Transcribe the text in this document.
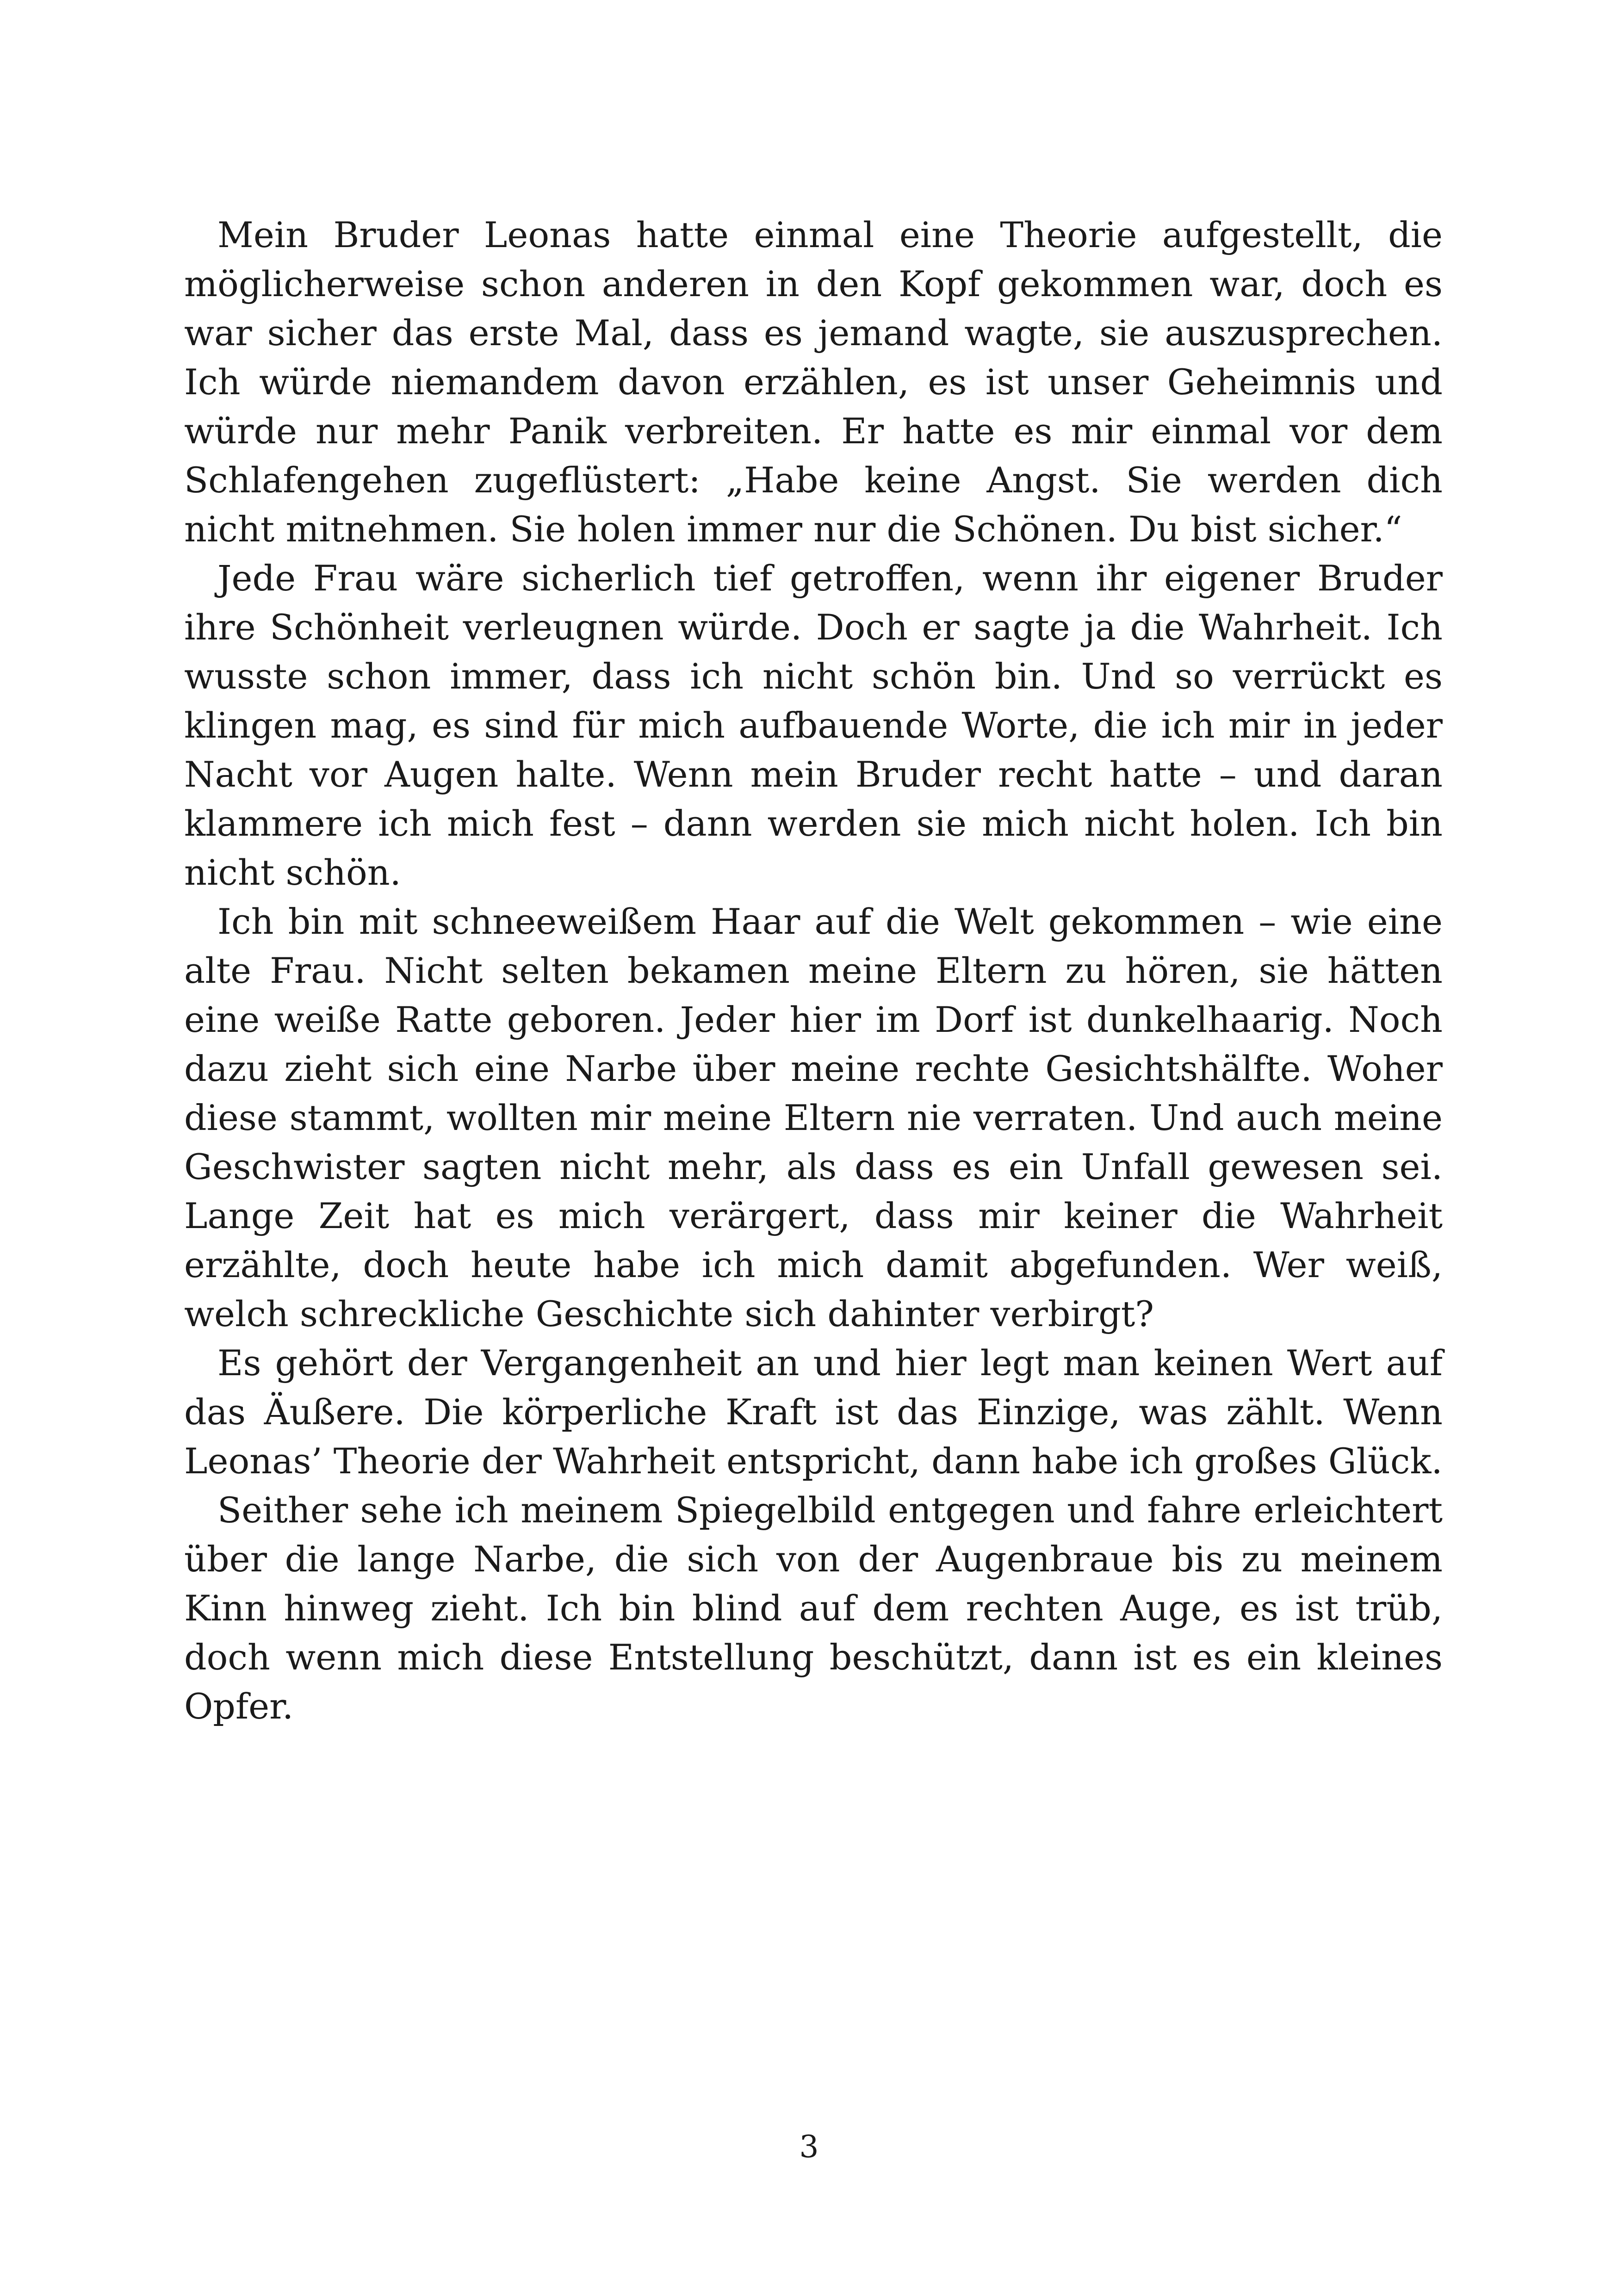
Mein Bruder Leonas hatte einmal eine Theorie aufgestellt, die möglicherweise schon anderen in den Kopf gekommen war, doch es war sicher das erste Mal, dass es jemand wagte, sie auszusprechen. Ich würde niemandem davon erzählen, es ist unser Geheimnis und würde nur mehr Panik verbreiten. Er hatte es mir einmal vor dem Schlafengehen zugeflüstert: „Habe keine Angst. Sie werden dich nicht mitnehmen. Sie holen immer nur die Schönen. Du bist sicher.“

Jede Frau wäre sicherlich tief getroffen, wenn ihr eigener Bruder ihre Schönheit verleugnen würde. Doch er sagte ja die Wahrheit. Ich wusste schon immer, dass ich nicht schön bin. Und so verrückt es klingen mag, es sind für mich aufbauende Worte, die ich mir in jeder Nacht vor Augen halte. Wenn mein Bruder recht hatte – und daran klammere ich mich fest – dann werden sie mich nicht holen. Ich bin nicht schön.

Ich bin mit schneeweißem Haar auf die Welt gekommen – wie eine alte Frau. Nicht selten bekamen meine Eltern zu hören, sie hätten eine weiße Ratte geboren. Jeder hier im Dorf ist dunkelhaarig. Noch dazu zieht sich eine Narbe über meine rechte Gesichtshälfte. Woher diese stammt, wollten mir meine Eltern nie verraten. Und auch meine Geschwister sagten nicht mehr, als dass es ein Unfall gewesen sei. Lange Zeit hat es mich verärgert, dass mir keiner die Wahrheit erzählte, doch heute habe ich mich damit abgefunden. Wer weiß, welch schreckliche Geschichte sich dahinter verbirgt?

Es gehört der Vergangenheit an und hier legt man keinen Wert auf das Äußere. Die körperliche Kraft ist das Einzige, was zählt. Wenn Leonas’ Theorie der Wahrheit entspricht, dann habe ich großes Glück.

Seither sehe ich meinem Spiegelbild entgegen und fahre erleichtert über die lange Narbe, die sich von der Augenbraue bis zu meinem Kinn hinweg zieht. Ich bin blind auf dem rechten Auge, es ist trüb, doch wenn mich diese Entstellung beschützt, dann ist es ein kleines Opfer.

3
